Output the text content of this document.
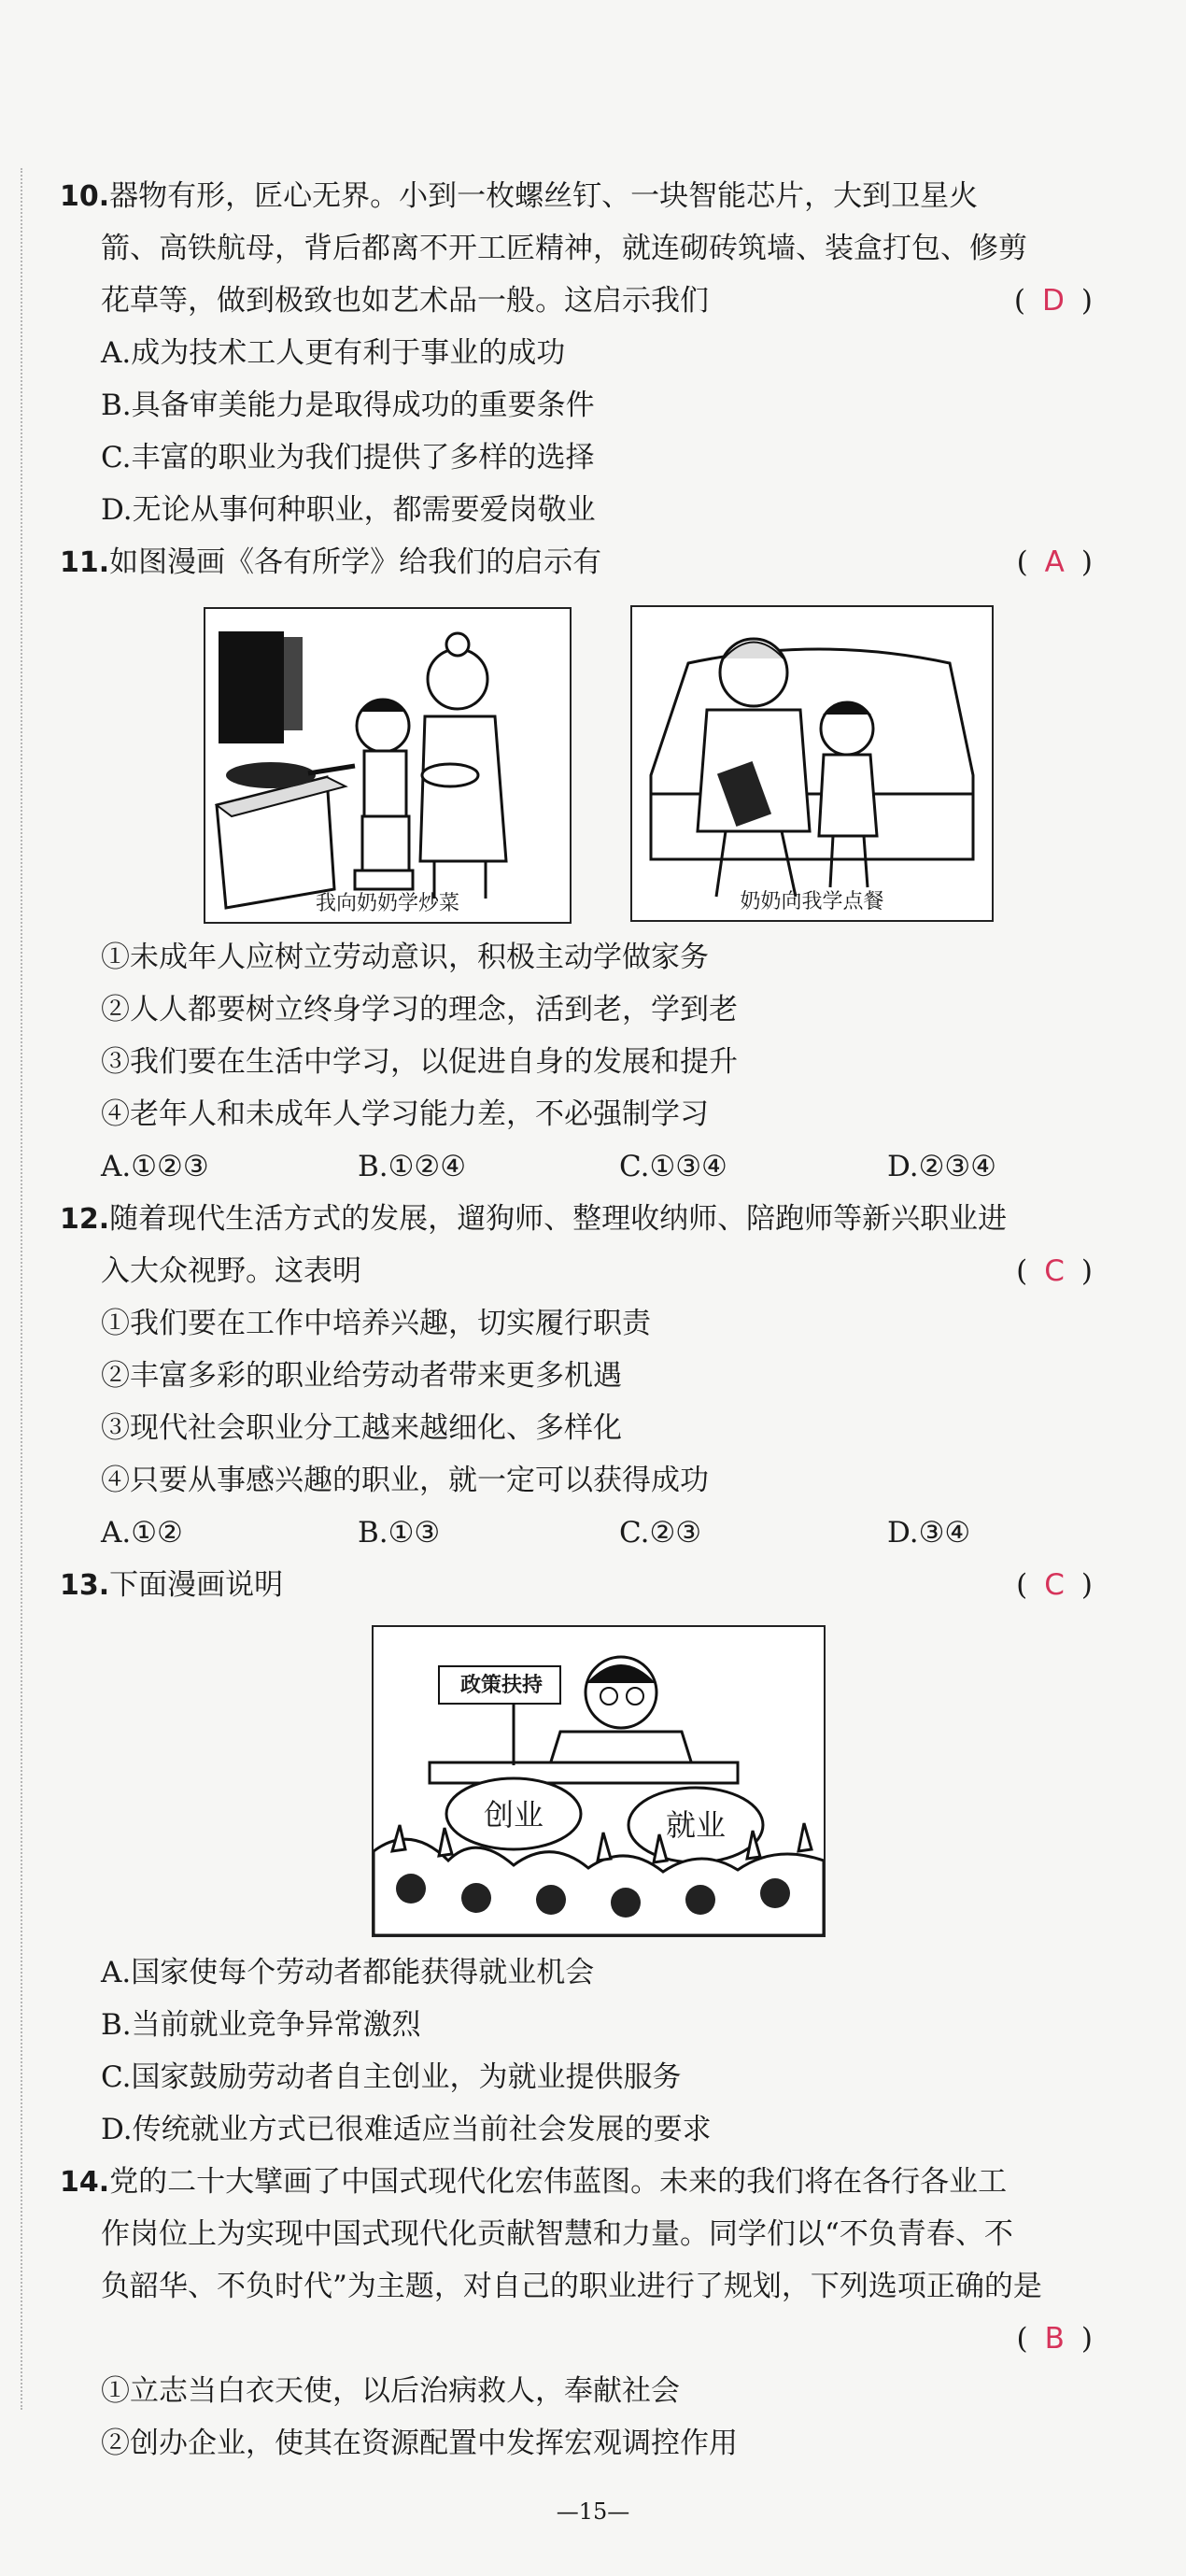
10.器物有形，匠心无界。小到一枚螺丝钉、一块智能芯片，大到卫星火
箭、高铁航母，背后都离不开工匠精神，就连砌砖筑墙、装盒打包、修剪
花草等，做到极致也如艺术品一般。这启示我们	( D )
A.成为技术工人更有利于事业的成功
B.具备审美能力是取得成功的重要条件
C.丰富的职业为我们提供了多样的选择
D.无论从事何种职业，都需要爱岗敬业
11.如图漫画《各有所学》给我们的启示有	( A )
我向奶奶学炒菜	奶奶向我学点餐
①未成年人应树立劳动意识，积极主动学做家务
②人人都要树立终身学习的理念，活到老，学到老
③我们要在生活中学习，以促进自身的发展和提升
④老年人和未成年人学习能力差，不必强制学习
A.①②③	B.①②④	C.①③④	D.②③④
12.随着现代生活方式的发展，遛狗师、整理收纳师、陪跑师等新兴职业进
入大众视野。这表明	( C )
①我们要在工作中培养兴趣，切实履行职责
②丰富多彩的职业给劳动者带来更多机遇
③现代社会职业分工越来越细化、多样化
④只要从事感兴趣的职业，就一定可以获得成功
A.①②	B.①③	C.②③	D.③④
13.下面漫画说明	( C )
政策扶持
创业	就业
A.国家使每个劳动者都能获得就业机会
B.当前就业竞争异常激烈
C.国家鼓励劳动者自主创业，为就业提供服务
D.传统就业方式已很难适应当前社会发展的要求
14.党的二十大擘画了中国式现代化宏伟蓝图。未来的我们将在各行各业工
作岗位上为实现中国式现代化贡献智慧和力量。同学们以“不负青春、不
负韶华、不负时代”为主题，对自己的职业进行了规划，下列选项正确的是
( B )
①立志当白衣天使，以后治病救人，奉献社会
②创办企业，使其在资源配置中发挥宏观调控作用
—15—
